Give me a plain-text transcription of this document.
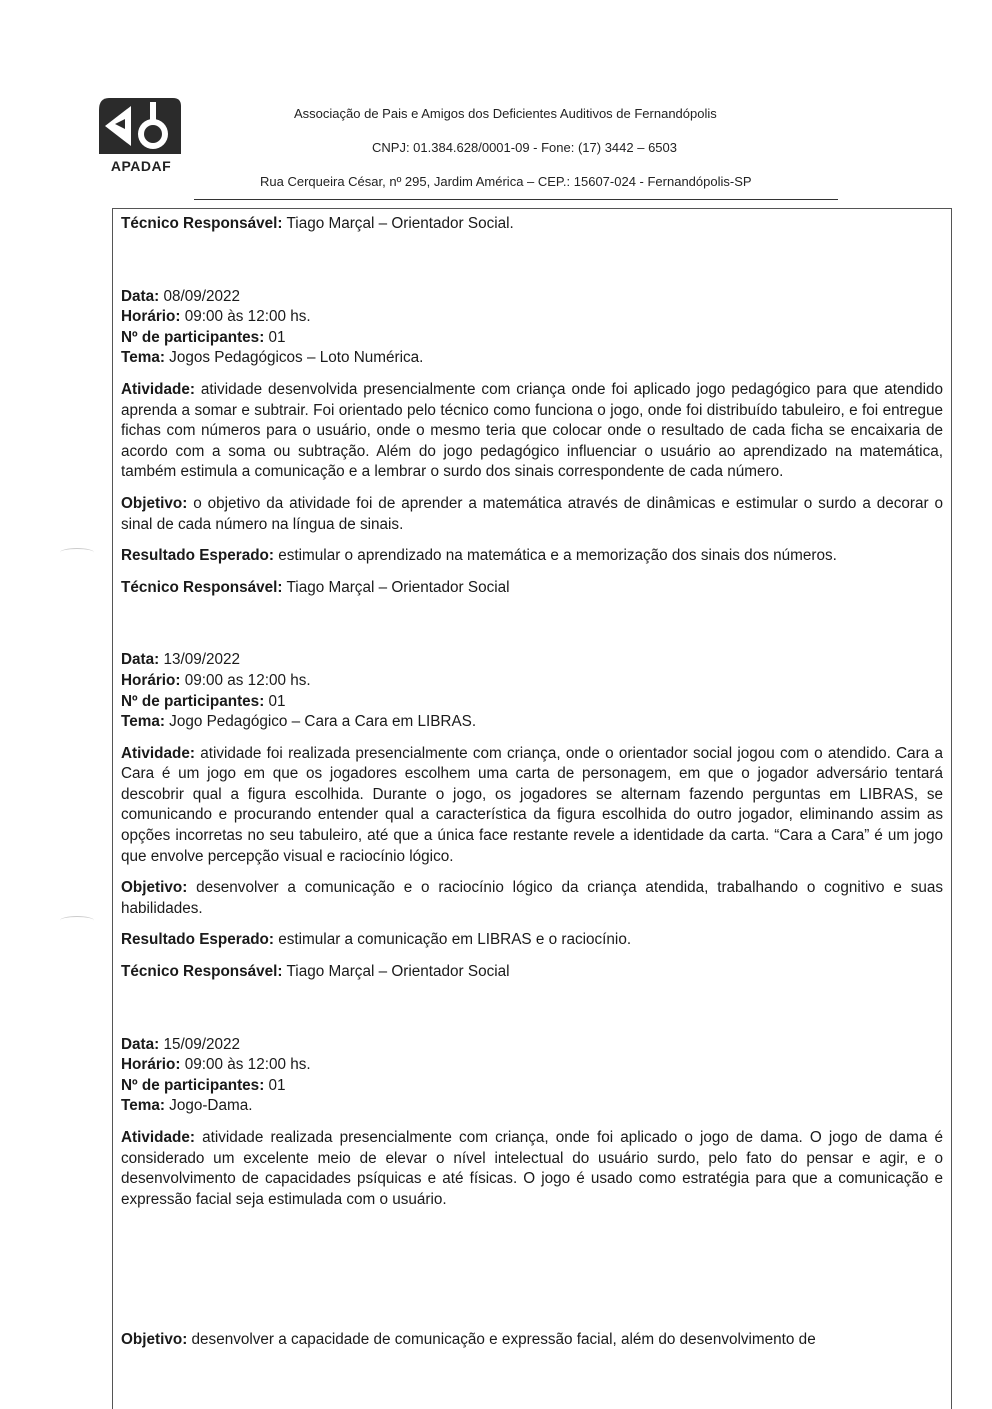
APADAF
Associação de Pais e Amigos dos Deficientes Auditivos de Fernandópolis
CNPJ: 01.384.628/0001-09 - Fone: (17) 3442 – 6503
Rua Cerqueira César, nº 295, Jardim América – CEP.: 15607-024 - Fernandópolis-SP

Técnico Responsável: Tiago Marçal – Orientador Social.

Data: 08/09/2022

Horário: 09:00 às 12:00 hs.

Nº de participantes: 01

Tema: Jogos Pedagógicos – Loto Numérica.

Atividade: atividade desenvolvida presencialmente com criança onde foi aplicado jogo pedagógico para que atendido aprenda a somar e subtrair. Foi orientado pelo técnico como funciona o jogo, onde foi distribuído tabuleiro, e foi entregue fichas com números para o usuário, onde o mesmo teria que colocar onde o resultado de cada ficha se encaixaria de acordo com a soma ou subtração. Além do jogo pedagógico influenciar o usuário ao aprendizado na matemática, também estimula a comunicação e a lembrar o surdo dos sinais correspondente de cada número.

Objetivo: o objetivo da atividade foi de aprender a matemática através de dinâmicas e estimular o surdo a decorar o sinal de cada número na língua de sinais.

Resultado Esperado: estimular o aprendizado na matemática e a memorização dos sinais dos números.

Técnico Responsável: Tiago Marçal – Orientador Social

Data: 13/09/2022

Horário: 09:00 as 12:00 hs.

Nº de participantes: 01

Tema: Jogo Pedagógico – Cara a Cara em LIBRAS.

Atividade: atividade foi realizada presencialmente com criança, onde o orientador social jogou com o atendido. Cara a Cara é um jogo em que os jogadores escolhem uma carta de personagem, em que o jogador adversário tentará descobrir qual a figura escolhida. Durante o jogo, os jogadores se alternam fazendo perguntas em LIBRAS, se comunicando e procurando entender qual a característica da figura escolhida do outro jogador, eliminando assim as opções incorretas no seu tabuleiro, até que a única face restante revele a identidade da carta. “Cara a Cara” é um jogo que envolve percepção visual e raciocínio lógico.

Objetivo: desenvolver a comunicação e o raciocínio lógico da criança atendida, trabalhando o cognitivo e suas habilidades.

Resultado Esperado: estimular a comunicação em LIBRAS e o raciocínio.

Técnico Responsável: Tiago Marçal – Orientador Social

Data: 15/09/2022

Horário: 09:00 às 12:00 hs.

Nº de participantes: 01

Tema: Jogo-Dama.

Atividade: atividade realizada presencialmente com criança, onde foi aplicado o jogo de dama. O jogo de dama é considerado um excelente meio de elevar o nível intelectual do usuário surdo, pelo fato do pensar e agir, e o desenvolvimento de capacidades psíquicas e até físicas. O jogo é usado como estratégia para que a comunicação e expressão facial seja estimulada com o usuário.

Objetivo: desenvolver a capacidade de comunicação e expressão facial, além do desenvolvimento de
